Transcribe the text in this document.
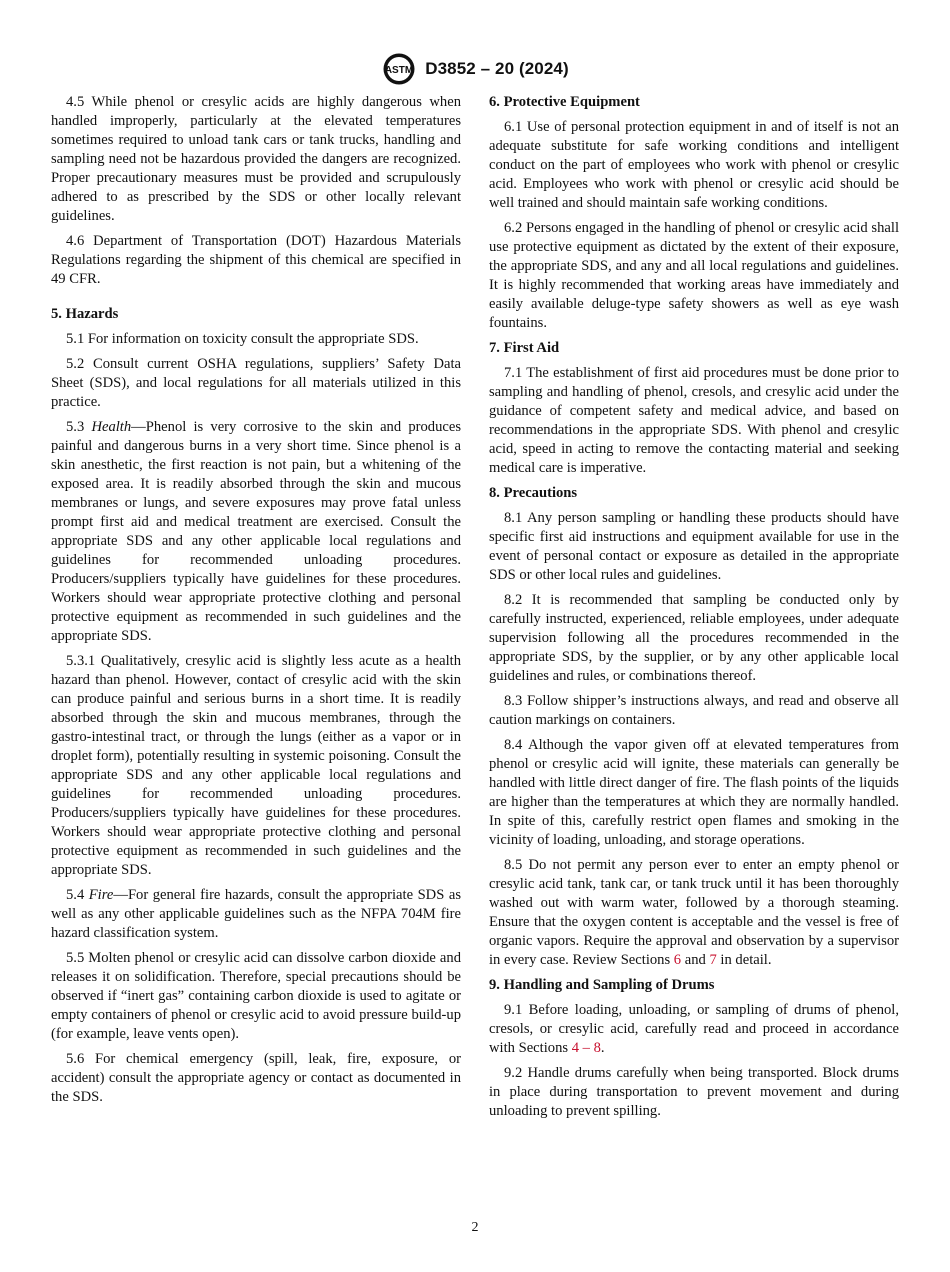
ASTM D3852 – 20 (2024)

4.5 While phenol or cresylic acids are highly dangerous when handled improperly, particularly at the elevated temperatures sometimes required to unload tank cars or tank trucks, handling and sampling need not be hazardous provided the dangers are recognized. Proper precautionary measures must be provided and scrupulously adhered to as prescribed by the SDS or other locally relevant guidelines.

4.6 Department of Transportation (DOT) Hazardous Materials Regulations regarding the shipment of this chemical are specified in 49 CFR.

5. Hazards

5.1 For information on toxicity consult the appropriate SDS.

5.2 Consult current OSHA regulations, suppliers’ Safety Data Sheet (SDS), and local regulations for all materials utilized in this practice.

5.3 Health—Phenol is very corrosive to the skin and produces painful and dangerous burns in a very short time. Since phenol is a skin anesthetic, the first reaction is not pain, but a whitening of the exposed area. It is readily absorbed through the skin and mucous membranes or lungs, and severe exposures may prove fatal unless prompt first aid and medical treatment are exercised. Consult the appropriate SDS and any other applicable local regulations and guidelines for recommended unloading procedures. Producers/suppliers typically have guidelines for these procedures. Workers should wear appropriate protective clothing and personal protective equipment as recommended in such guidelines and the appropriate SDS.

5.3.1 Qualitatively, cresylic acid is slightly less acute as a health hazard than phenol. However, contact of cresylic acid with the skin can produce painful and serious burns in a short time. It is readily absorbed through the skin and mucous membranes, through the gastro-intestinal tract, or through the lungs (either as a vapor or in droplet form), potentially resulting in systemic poisoning. Consult the appropriate SDS and any other applicable local regulations and guidelines for recommended unloading procedures. Producers/suppliers typically have guidelines for these procedures. Workers should wear appropriate protective clothing and personal protective equipment as recommended in such guidelines and the appropriate SDS.

5.4 Fire—For general fire hazards, consult the appropriate SDS as well as any other applicable guidelines such as the NFPA 704M fire hazard classification system.

5.5 Molten phenol or cresylic acid can dissolve carbon dioxide and releases it on solidification. Therefore, special precautions should be observed if “inert gas” containing carbon dioxide is used to agitate or empty containers of phenol or cresylic acid to avoid pressure build-up (for example, leave vents open).

5.6 For chemical emergency (spill, leak, fire, exposure, or accident) consult the appropriate agency or contact as documented in the SDS.

6. Protective Equipment

6.1 Use of personal protection equipment in and of itself is not an adequate substitute for safe working conditions and intelligent conduct on the part of employees who work with phenol or cresylic acid. Employees who work with phenol or cresylic acid should be well trained and should maintain safe working conditions.

6.2 Persons engaged in the handling of phenol or cresylic acid shall use protective equipment as dictated by the extent of their exposure, the appropriate SDS, and any and all local regulations and guidelines. It is highly recommended that working areas have immediately and easily available deluge-type safety showers as well as eye wash fountains.

7. First Aid

7.1 The establishment of first aid procedures must be done prior to sampling and handling of phenol, cresols, and cresylic acid under the guidance of competent safety and medical advice, and based on recommendations in the appropriate SDS. With phenol and cresylic acid, speed in acting to remove the contacting material and seeking medical care is imperative.

8. Precautions

8.1 Any person sampling or handling these products should have specific first aid instructions and equipment available for use in the event of personal contact or exposure as detailed in the appropriate SDS or other local rules and guidelines.

8.2 It is recommended that sampling be conducted only by carefully instructed, experienced, reliable employees, under adequate supervision following all the procedures recommended in the appropriate SDS, by the supplier, or by any other applicable local guidelines and rules, or combinations thereof.

8.3 Follow shipper’s instructions always, and read and observe all caution markings on containers.

8.4 Although the vapor given off at elevated temperatures from phenol or cresylic acid will ignite, these materials can generally be handled with little direct danger of fire. The flash points of the liquids are higher than the temperatures at which they are normally handled. In spite of this, carefully restrict open flames and smoking in the vicinity of loading, unloading, and storage operations.

8.5 Do not permit any person ever to enter an empty phenol or cresylic acid tank, tank car, or tank truck until it has been thoroughly washed out with warm water, followed by a thorough steaming. Ensure that the oxygen content is acceptable and the vessel is free of organic vapors. Require the approval and observation by a supervisor in every case. Review Sections 6 and 7 in detail.

9. Handling and Sampling of Drums

9.1 Before loading, unloading, or sampling of drums of phenol, cresols, or cresylic acid, carefully read and proceed in accordance with Sections 4 – 8.

9.2 Handle drums carefully when being transported. Block drums in place during transportation to prevent movement and during unloading to prevent spilling.

2
